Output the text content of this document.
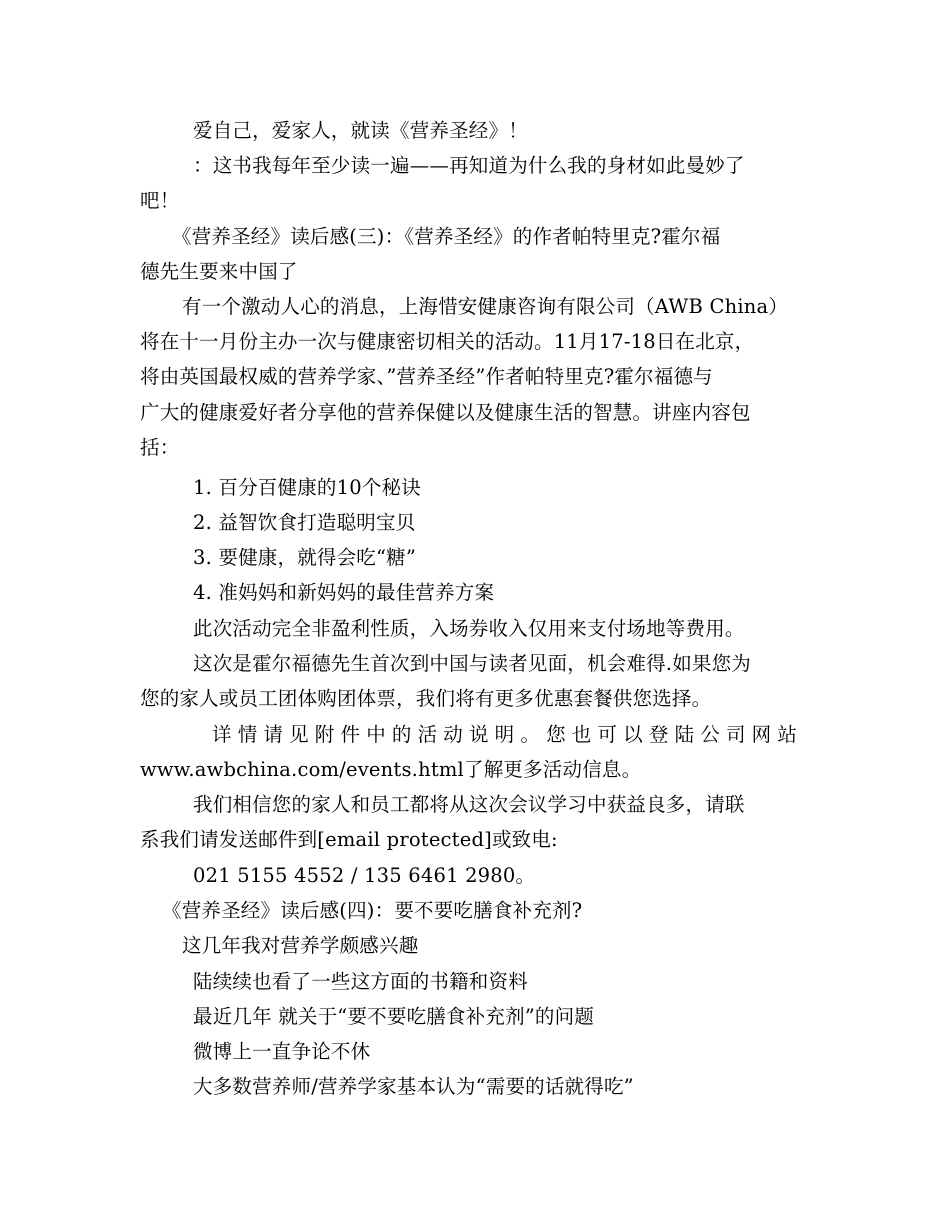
爱自己，爱家人，就读《营养圣经》！
：这书我每年至少读一遍——再知道为什么我的身材如此曼妙了
吧！
《营养圣经》读后感(三)：《营养圣经》的作者帕特里克?霍尔福
德先生要来中国了
有一个激动人心的消息，上海惜安健康咨询有限公司（AWB China）
将在十一月份主办一次与健康密切相关的活动。11月17-18日在北京，
将由英国最权威的营养学家、”营养圣经”作者帕特里克?霍尔福德与
广大的健康爱好者分享他的营养保健以及健康生活的智慧。讲座内容包
括：
1. 百分百健康的10个秘诀
2. 益智饮食打造聪明宝贝
3. 要健康，就得会吃“糖”
4. 准妈妈和新妈妈的最佳营养方案
此次活动完全非盈利性质，入场券收入仅用来支付场地等费用。
这次是霍尔福德先生首次到中国与读者见面，机会难得.如果您为
您的家人或员工团体购团体票，我们将有更多优惠套餐供您选择。
详 情 请 见 附 件 中 的 活 动 说 明 。 您 也 可 以 登 陆 公 司 网 站
www.awbchina.com/events.html了解更多活动信息。
我们相信您的家人和员工都将从这次会议学习中获益良多，请联
系我们请发送邮件到[email protected]或致电:
021 5155 4552 / 135 6461 2980。
《营养圣经》读后感(四)：要不要吃膳食补充剂?
这几年我对营养学颇感兴趣
陆续续也看了一些这方面的书籍和资料
最近几年 就关于“要不要吃膳食补充剂”的问题
微博上一直争论不休
大多数营养师/营养学家基本认为“需要的话就得吃”
